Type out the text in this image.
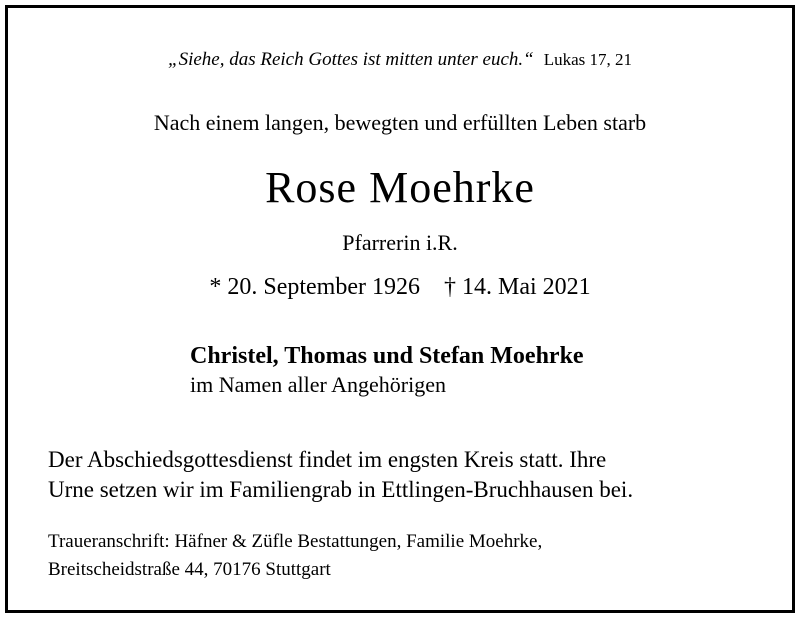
„Siehe, das Reich Gottes ist mitten unter euch.“ Lukas 17, 21
Nach einem langen, bewegten und erfüllten Leben starb
Rose Moehrke
Pfarrerin i.R.
* 20. September 1926 † 14. Mai 2021
Christel, Thomas und Stefan Moehrke
im Namen aller Angehörigen
Der Abschiedsgottesdienst findet im engsten Kreis statt. Ihre
Urne setzen wir im Familiengrab in Ettlingen-Bruchhausen bei.
Traueranschrift: Häfner & Züfle Bestattungen, Familie Moehrke,
Breitscheidstraße 44, 70176 Stuttgart
